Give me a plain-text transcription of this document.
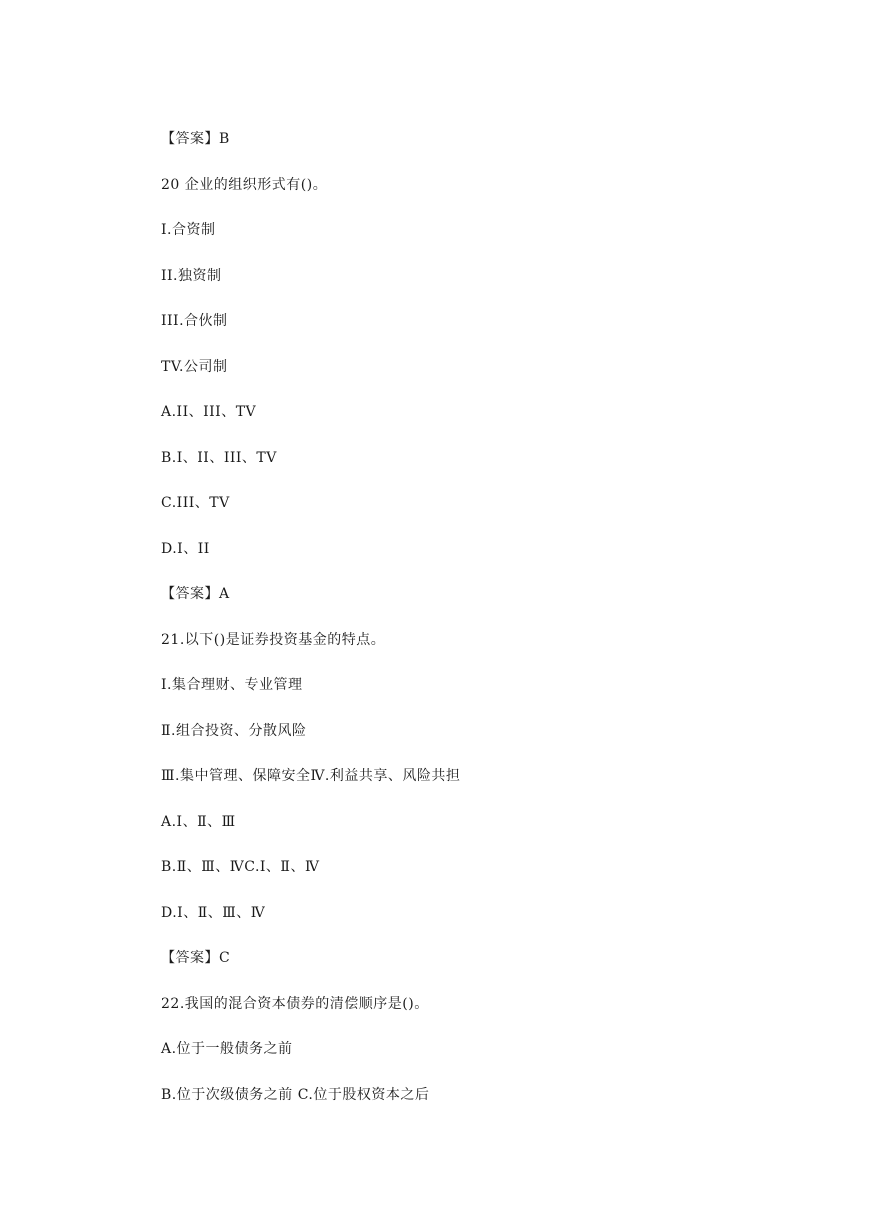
【答案】B
20 企业的组织形式有()。
I.合资制
II.独资制
III.合伙制
TV.公司制
A.II、III、TV
B.I、II、III、TV
C.III、TV
D.I、II
【答案】A
21.以下()是证券投资基金的特点。
Ⅰ.集合理财、专业管理
Ⅱ.组合投资、分散风险
Ⅲ.集中管理、保障安全Ⅳ.利益共享、风险共担
A.Ⅰ、Ⅱ、Ⅲ
B.Ⅱ、Ⅲ、ⅣC.Ⅰ、Ⅱ、Ⅳ
D.Ⅰ、Ⅱ、Ⅲ、Ⅳ
【答案】C
22.我国的混合资本债券的清偿顺序是()。
A.位于一般债务之前
B.位于次级债务之前 C.位于股权资本之后
